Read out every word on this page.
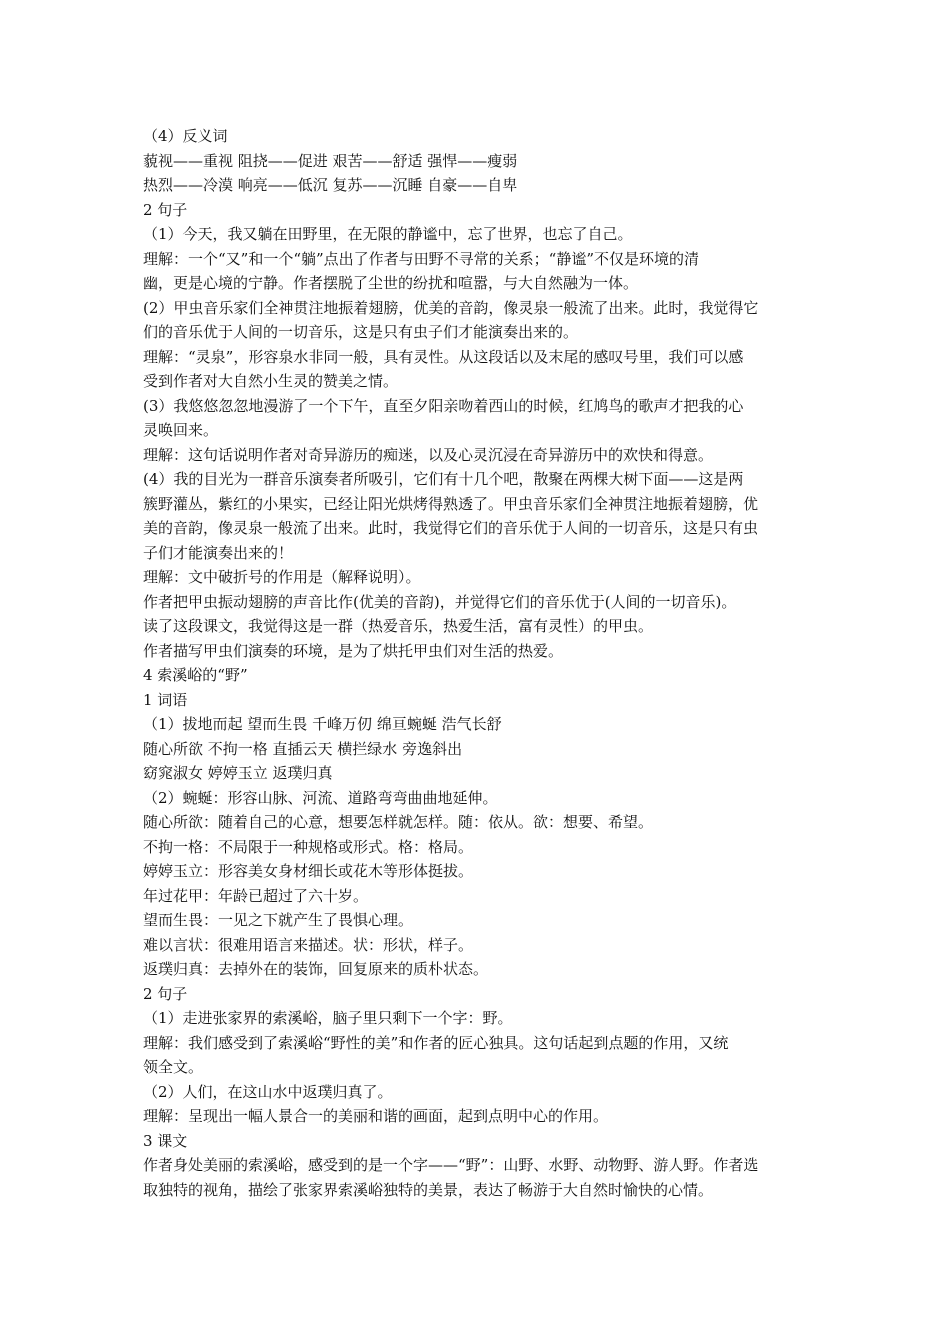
（4）反义词
藐视——重视 阻挠——促进 艰苦——舒适 强悍——瘦弱
热烈——冷漠 响亮——低沉 复苏——沉睡 自豪——自卑
2 句子
（1）今天，我又躺在田野里，在无限的静谧中，忘了世界，也忘了自己。
理解：一个“又”和一个“躺”点出了作者与田野不寻常的关系；“静谧”不仅是环境的清
幽，更是心境的宁静。作者摆脱了尘世的纷扰和喧嚣，与大自然融为一体。
(2）甲虫音乐家们全神贯注地振着翅膀，优美的音韵，像灵泉一般流了出来。此时，我觉得它
们的音乐优于人间的一切音乐，这是只有虫子们才能演奏出来的。
理解：“灵泉”，形容泉水非同一般，具有灵性。从这段话以及末尾的感叹号里，我们可以感
受到作者对大自然小生灵的赞美之情。
(3）我悠悠忽忽地漫游了一个下午，直至夕阳亲吻着西山的时候，红鸠鸟的歌声才把我的心
灵唤回来。
理解：这句话说明作者对奇异游历的痴迷，以及心灵沉浸在奇异游历中的欢快和得意。
(4）我的目光为一群音乐演奏者所吸引，它们有十几个吧，散聚在两棵大树下面——这是两
簇野灌丛，紫红的小果实，已经让阳光烘烤得熟透了。甲虫音乐家们全神贯注地振着翅膀，优
美的音韵，像灵泉一般流了出来。此时，我觉得它们的音乐优于人间的一切音乐，这是只有虫
子们才能演奏出来的！
理解：文中破折号的作用是（解释说明）。
作者把甲虫振动翅膀的声音比作(优美的音韵)，并觉得它们的音乐优于(人间的一切音乐)。
读了这段课文，我觉得这是一群（热爱音乐，热爱生活，富有灵性）的甲虫。
作者描写甲虫们演奏的环境，是为了烘托甲虫们对生活的热爱。
4 索溪峪的“野”
1 词语
（1）拔地而起 望而生畏 千峰万仞 绵亘蜿蜒 浩气长舒
随心所欲 不拘一格 直插云天 横拦绿水 旁逸斜出
窈窕淑女 婷婷玉立 返璞归真
（2）蜿蜒：形容山脉、河流、道路弯弯曲曲地延伸。
随心所欲：随着自己的心意，想要怎样就怎样。随：依从。欲：想要、希望。
不拘一格：不局限于一种规格或形式。格：格局。
婷婷玉立：形容美女身材细长或花木等形体挺拔。
年过花甲：年龄已超过了六十岁。
望而生畏：一见之下就产生了畏惧心理。
难以言状：很难用语言来描述。状：形状，样子。
返璞归真：去掉外在的装饰，回复原来的质朴状态。
2 句子
（1）走进张家界的索溪峪，脑子里只剩下一个字：野。
理解：我们感受到了索溪峪“野性的美”和作者的匠心独具。这句话起到点题的作用，又统
领全文。
（2）人们，在这山水中返璞归真了。
理解：呈现出一幅人景合一的美丽和谐的画面，起到点明中心的作用。
3 课文
作者身处美丽的索溪峪，感受到的是一个字——“野”：山野、水野、动物野、游人野。作者选
取独特的视角，描绘了张家界索溪峪独特的美景，表达了畅游于大自然时愉快的心情。
